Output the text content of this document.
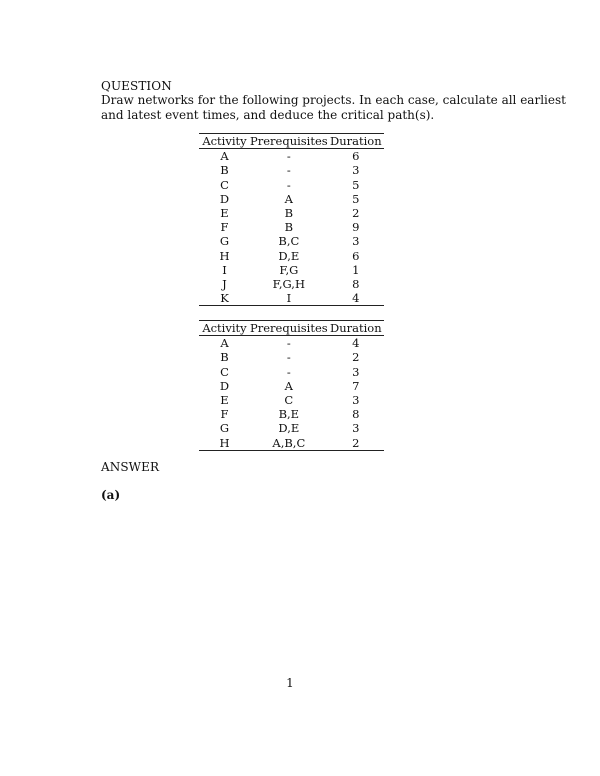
QUESTION
Draw networks for the following projects. In each case, calculate all earliest
and latest event times, and deduce the critical path(s).
Activity	Prerequisites	Duration
A	-	6
B	-	3
C	-	5
D	A	5
E	B	2
F	B	9
G	B,C	3
H	D,E	6
I	F,G	1
J	F,G,H	8
K	I	4
Activity	Prerequisites	Duration
A	-	4
B	-	2
C	-	3
D	A	7
E	C	3
F	B,E	8
G	D,E	3
H	A,B,C	2
ANSWER
(a)
1
